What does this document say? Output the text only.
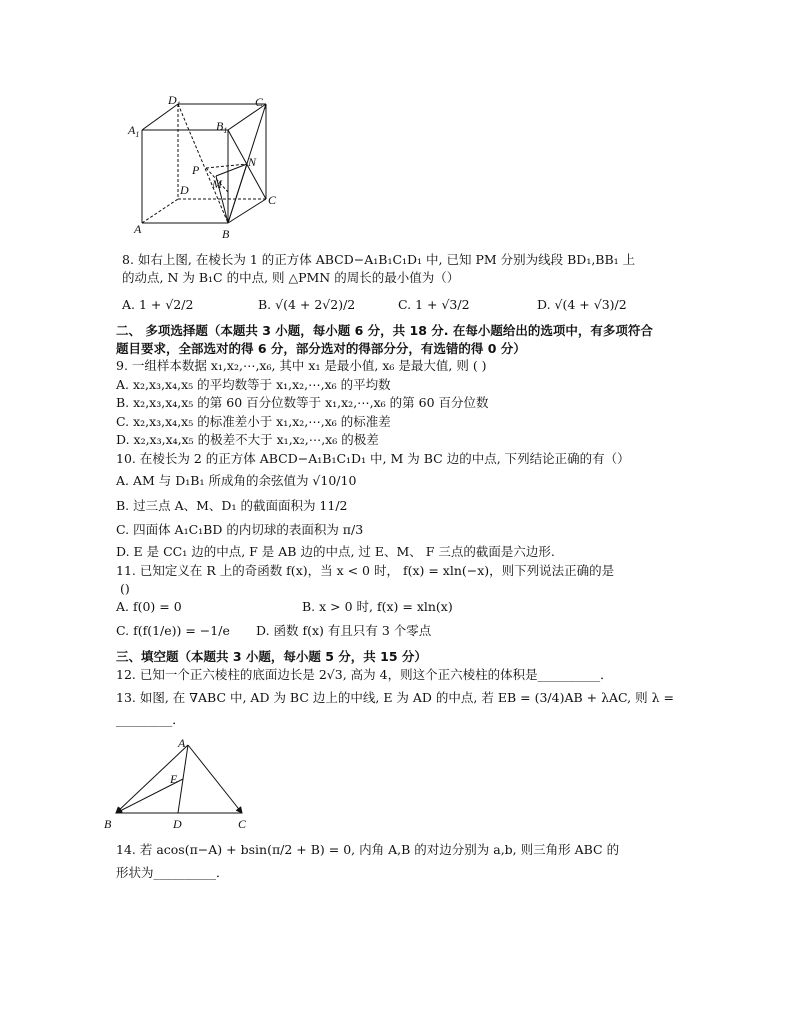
$D_1$	$C_1$
$A_1$
$B_1$
N
P
M
D
C
A	B
8. 如右上图, 在棱长为 1 的正方体 ABCD−A₁B₁C₁D₁ 中, 已知 PM 分别为线段 BD₁,BB₁ 上
的动点, N 为 B₁C 的中点, 则 △PMN 的周长的最小值为（）
A. 1 + √2/2	B. √(4 + 2√2)/2	C. 1 + √3/2	D. √(4 + √3)/2
二、 多项选择题（本题共 3 小题，每小题 6 分，共 18 分. 在每小题给出的选项中，有多项符合
题目要求，全部选对的得 6 分，部分选对的得部分分，有选错的得 0 分）
9. 一组样本数据 x₁,x₂,⋯,x₆, 其中 x₁ 是最小值, x₆ 是最大值, 则 ( )
A. x₂,x₃,x₄,x₅ 的平均数等于 x₁,x₂,⋯,x₆ 的平均数
B. x₂,x₃,x₄,x₅ 的第 60 百分位数等于 x₁,x₂,⋯,x₆ 的第 60 百分位数
C. x₂,x₃,x₄,x₅ 的标准差小于 x₁,x₂,⋯,x₆ 的标准差
D. x₂,x₃,x₄,x₅ 的极差不大于 x₁,x₂,⋯,x₆ 的极差
10. 在棱长为 2 的正方体 ABCD−A₁B₁C₁D₁ 中, M 为 BC 边的中点, 下列结论正确的有（）
A. AM 与 D₁B₁ 所成角的余弦值为 √10/10
B. 过三点 A、M、D₁ 的截面面积为 11/2
C. 四面体 A₁C₁BD 的内切球的表面积为 π/3
D. E 是 CC₁ 边的中点, F 是 AB 边的中点, 过 E、M、 F 三点的截面是六边形.
11. 已知定义在 R 上的奇函数 f(x)，当 x < 0 时， f(x) = xln(−x)，则下列说法正确的是
()
A. f(0) = 0	B. x > 0 时, f(x) = xln(x)
C. f(f(1/e)) = −1/e D. 函数 f(x) 有且只有 3 个零点
三、填空题（本题共 3 小题，每小题 5 分，共 15 分）
12. 已知一个正六棱柱的底面边长是 2√3, 高为 4，则这个正六棱柱的体积是__________．
13. 如图, 在 ∇ABC 中, AD 为 BC 边上的中线, E 为 AD 的中点, 若 EB = (3/4)AB + λAC, 则 λ =
_________．
A
E
B	D	C
14. 若 acos(π−A) + bsin(π/2 + B) = 0, 内角 A,B 的对边分别为 a,b, 则三角形 ABC 的
形状为__________．
